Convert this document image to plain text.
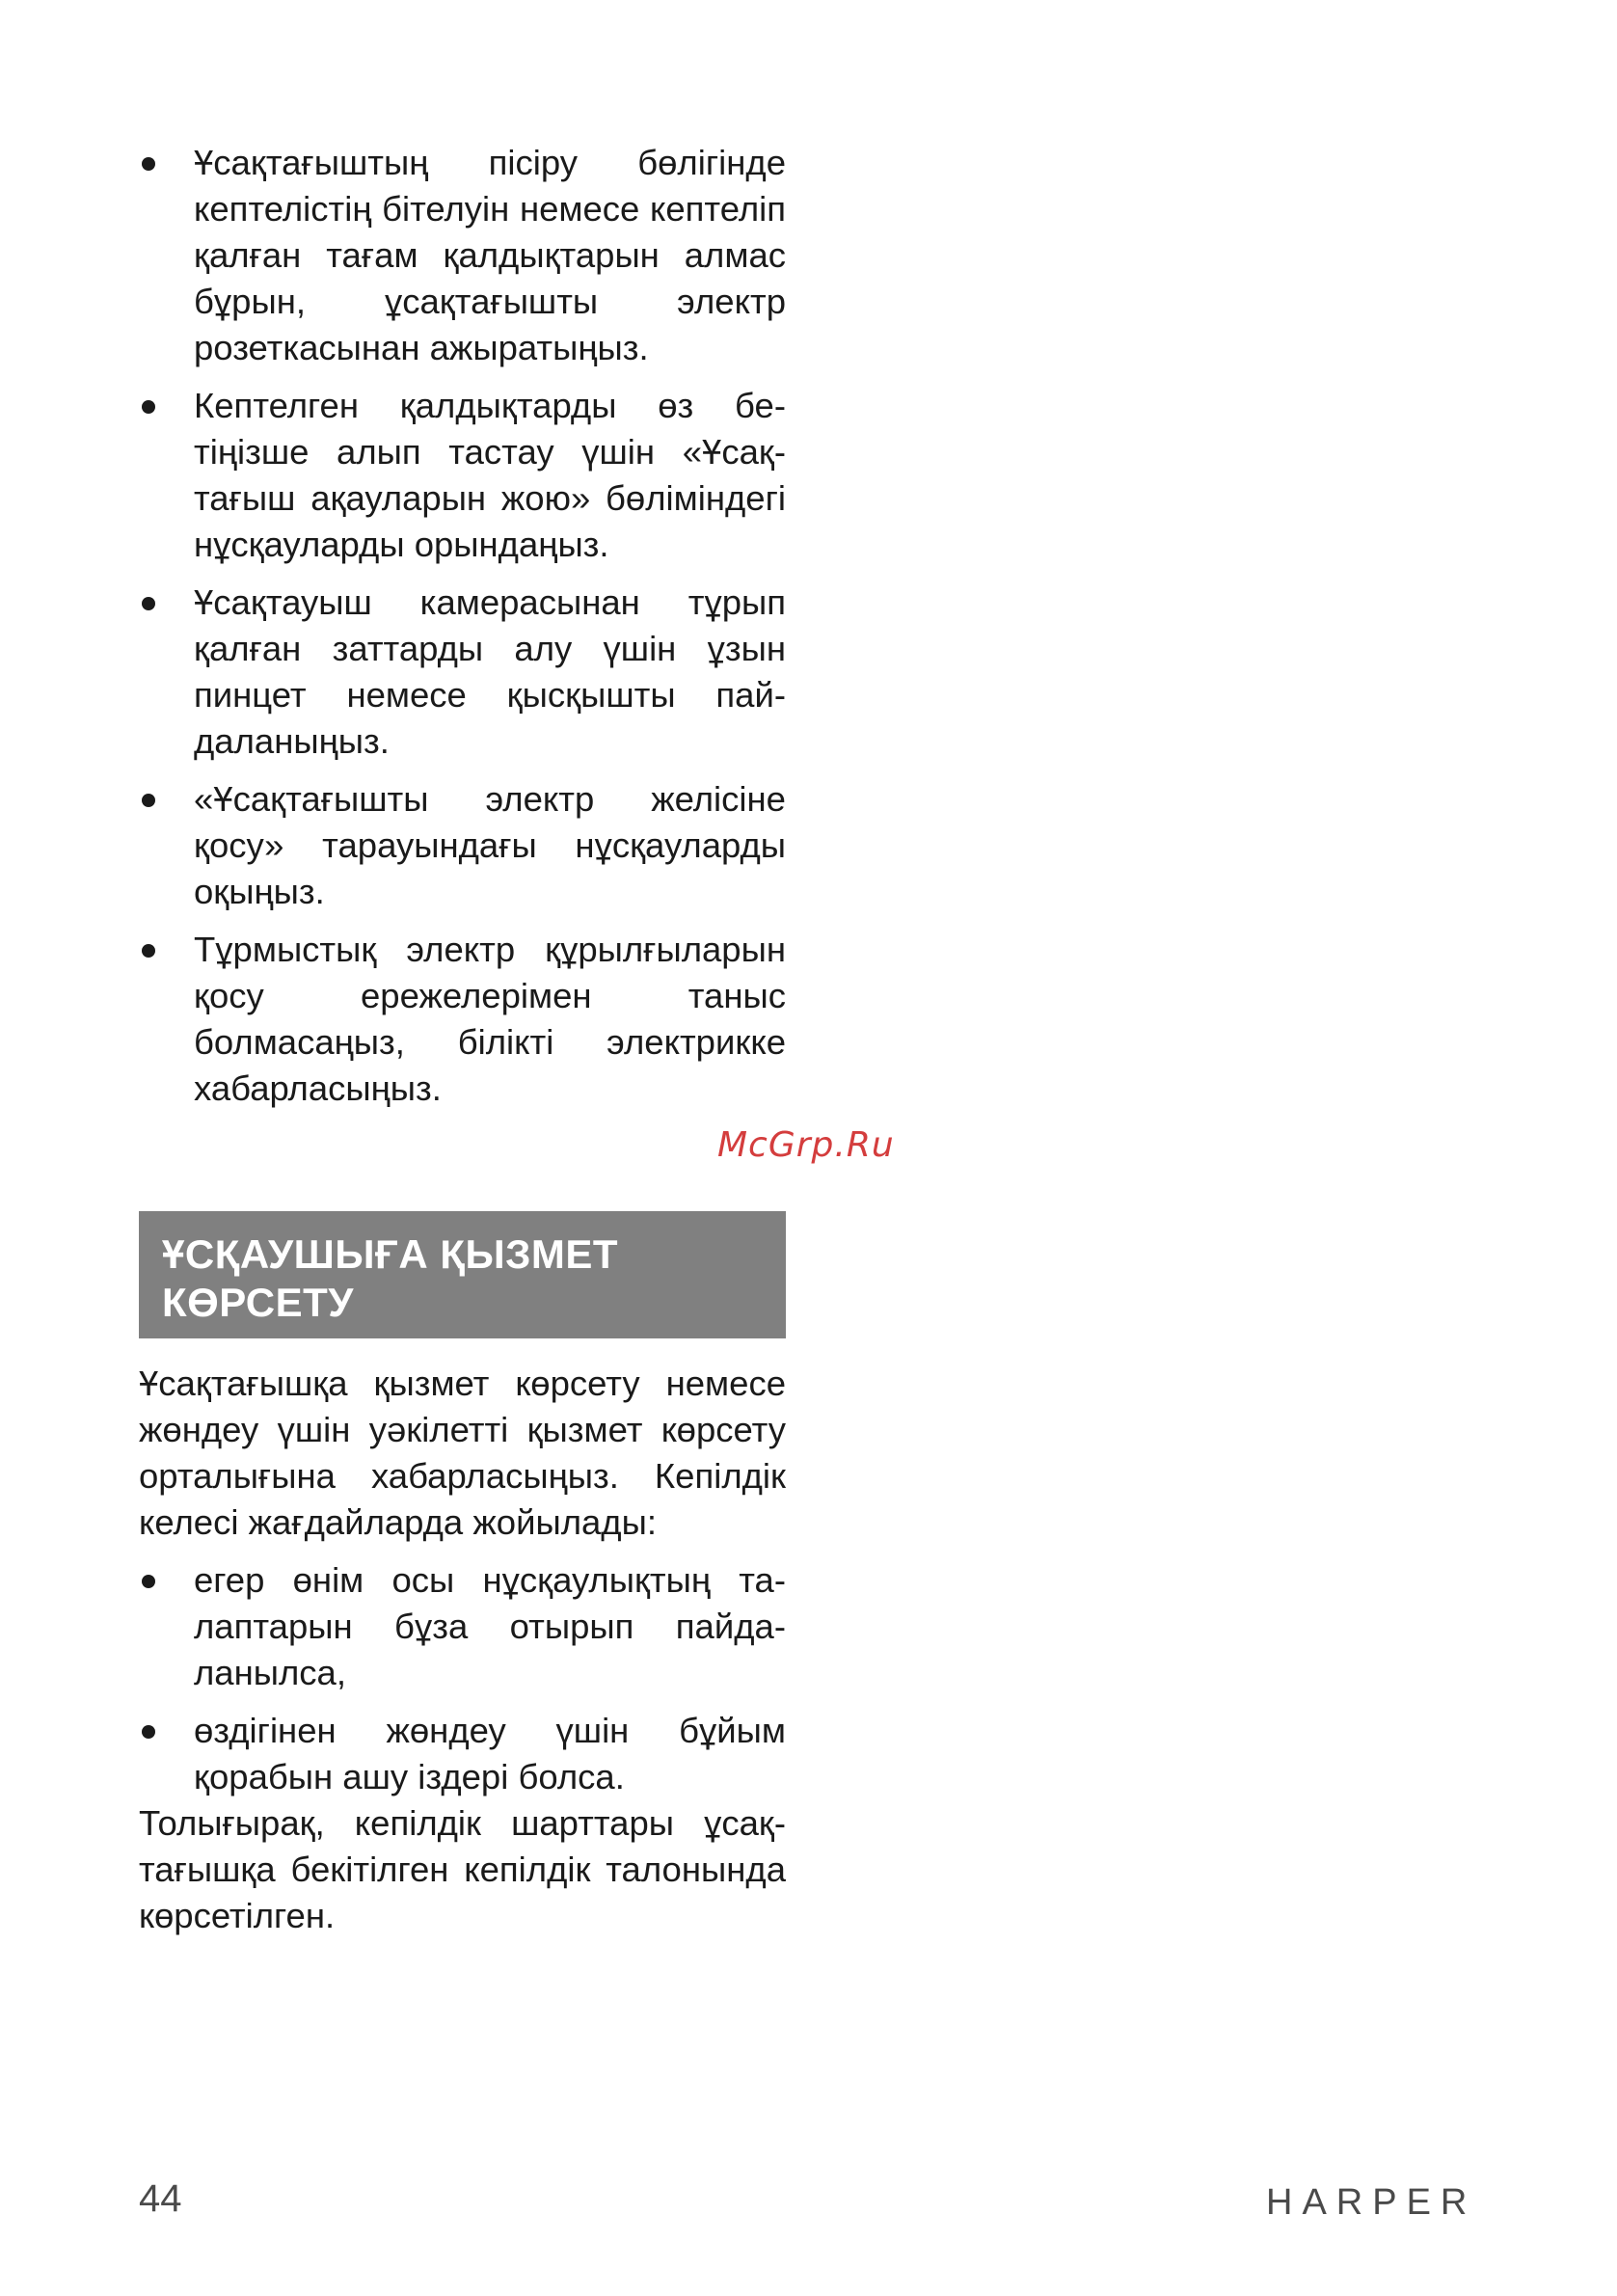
Ұсақтағыштың пісіру бөлігінде кептелістің бітелуін немесе кептеліп қалған тағам қалдықтарын алмас бұрын, ұсақтағышты электр розеткасынан ажыратыңыз.
Кептелген қалдықтарды өз бетіңізше алып тастау үшін «Ұсақтағыш ақауларын жою» бөліміндегі нұсқауларды орындаңыз.
Ұсақтауыш камерасынан тұрып қалған заттарды алу үшін ұзын пинцет немесе қысқышты пайдаланыңыз.
«Ұсақтағышты электр желісіне қосу» тарауындағы нұсқауларды оқыңыз.
Тұрмыстық электр құрылғыларын қосу ережелерімен таныс болмасаңыз, білікті электрикке хабарласыңыз.
McGrp.Ru
ҰСҚАУШЫҒА ҚЫЗМЕТ
КӨРСЕТУ

Ұсақтағышқа қызмет көрсету немесе жөндеу үшін уәкілетті қызмет көрсету орталығына хабарласыңыз. Кепілдік келесі жағдайларда жойылады:

егер өнім осы нұсқаулықтың талаптарын бұза отырып пайдаланылса,
өздігінен жөндеу үшін бұйым қорабын ашу іздері болса.

Толығырақ, кепілдік шарттары ұсақтағышқа бекітілген кепілдік талонында көрсетілген.

44	HARPER
